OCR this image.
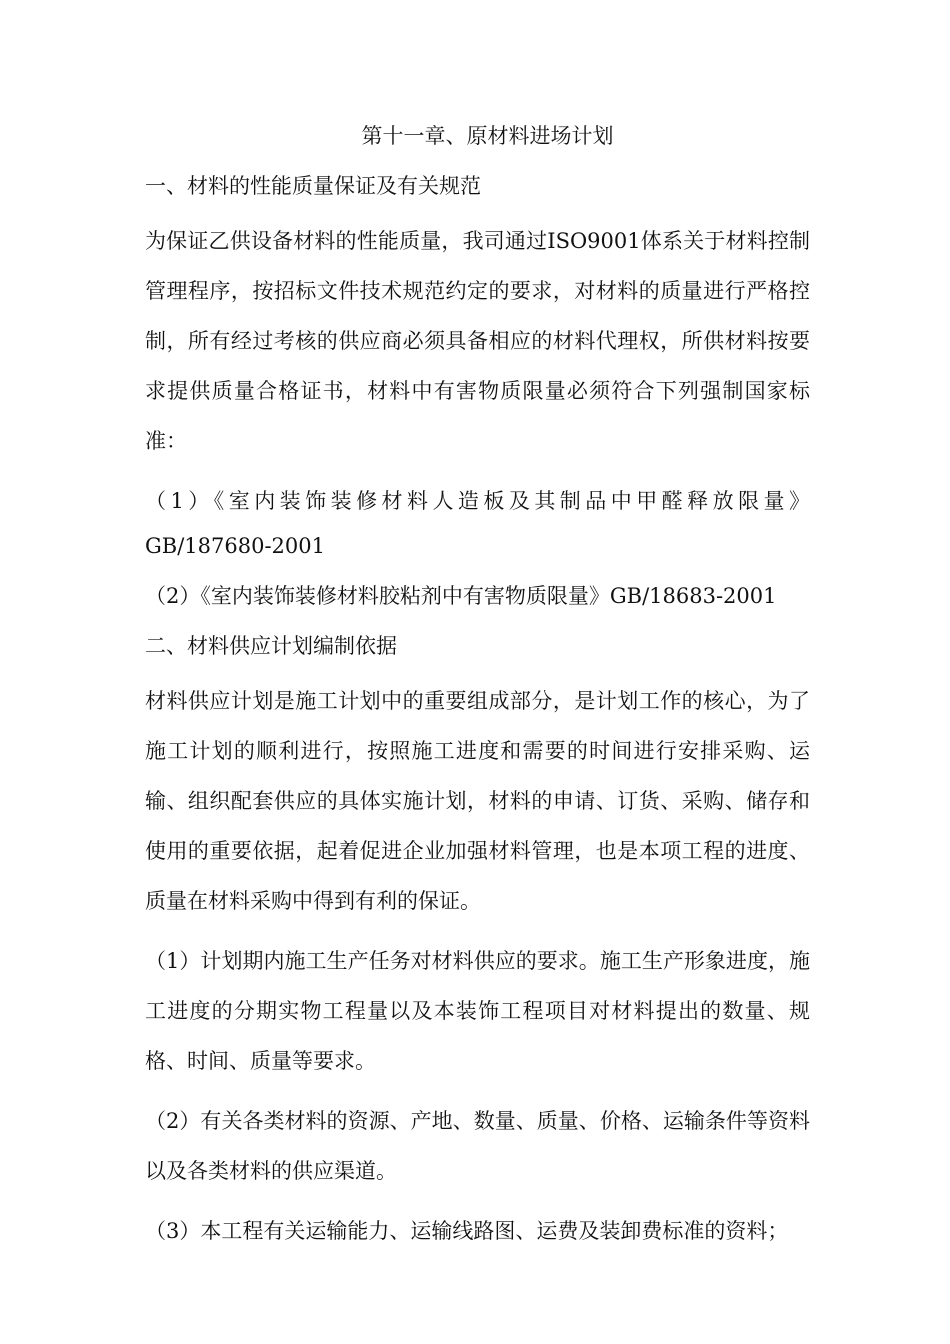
第十一章、原材料进场计划
一、材料的性能质量保证及有关规范
为保证乙供设备材料的性能质量，我司通过ISO9001体系关于材料控制管理程序，按招标文件技术规范约定的要求，对材料的质量进行严格控制，所有经过考核的供应商必须具备相应的材料代理权，所供材料按要求提供质量合格证书，材料中有害物质限量必须符合下列强制国家标准：
（1）《室内装饰装修材料人造板及其制品中甲醛释放限量》
GB/187680-2001
（2）《室内装饰装修材料胶粘剂中有害物质限量》GB/18683-2001
二、材料供应计划编制依据
材料供应计划是施工计划中的重要组成部分，是计划工作的核心，为了施工计划的顺利进行，按照施工进度和需要的时间进行安排采购、运输、组织配套供应的具体实施计划，材料的申请、订货、采购、储存和使用的重要依据，起着促进企业加强材料管理，也是本项工程的进度、质量在材料采购中得到有利的保证。
（1）计划期内施工生产任务对材料供应的要求。施工生产形象进度，施工进度的分期实物工程量以及本装饰工程项目对材料提出的数量、规格、时间、质量等要求。
（2）有关各类材料的资源、产地、数量、质量、价格、运输条件等资料以及各类材料的供应渠道。
（3）本工程有关运输能力、运输线路图、运费及装卸费标准的资料；
